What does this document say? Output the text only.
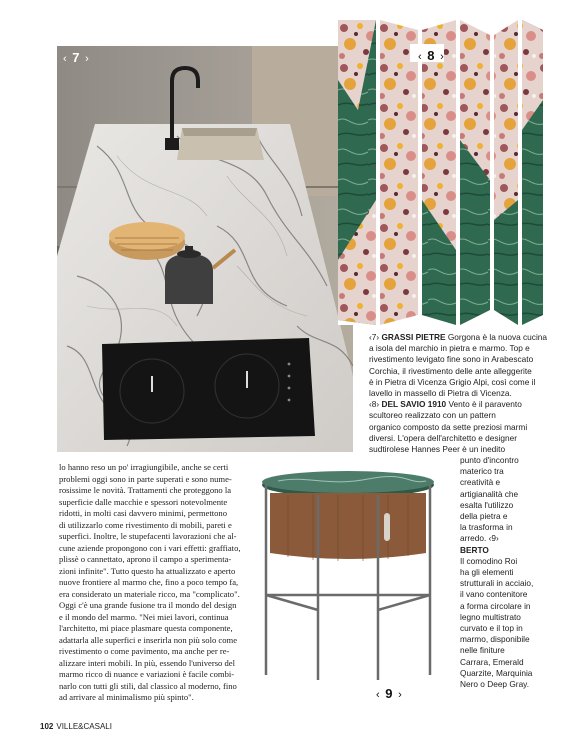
‹ 7 ›	‹ 8 ›
‹ 9 ›
‹7› GRASSI PIETRE Gorgona è la nuova cucina
a isola del marchio in pietra e marmo. Top e
rivestimento levigato fine sono in Arabescato
Corchia, il rivestimento delle ante alleggerite
è in Pietra di Vicenza Grigio Alpi, così come il
lavello in massello di Pietra di Vicenza.
‹8› DEL SAVIO 1910 Vento è il paravento
scultoreo realizzato con un pattern
organico composto da sette preziosi marmi
diversi. L'opera dell'architetto e designer
sudtirolese Hannes Peer è un inedito
punto d'incontro
materico tra
creatività e
artigianalità che
esalta l'utilizzo
della pietra e
la trasforma in
arredo. ‹9›
BERTO
Il comodino Roi
ha gli elementi
strutturali in acciaio,
il vano contenitore
a forma circolare in
legno multistrato
curvato e il top in
marmo, disponibile
nelle finiture
Carrara, Emerald
Quarzite, Marquinia
Nero o Deep Gray.
lo hanno reso un po' irragiungibile, anche se certi
problemi oggi sono in parte superati e sono nume-
rosissime le novità. Trattamenti che proteggono la
superficie dalle macchie e spessori notevolmente
ridotti, in molti casi davvero minimi, permettono
di utilizzarlo come rivestimento di mobili, pareti e
superfici. Inoltre, le stupefacenti lavorazioni che al-
cune aziende propongono con i vari effetti: graffiato,
plissè o cannettato, aprono il campo a sperimenta-
zioni infinite". Tutto questo ha attualizzato e aperto
nuove frontiere al marmo che, fino a poco tempo fa,
era considerato un materiale ricco, ma "complicato".
Oggi c'è una grande fusione tra il mondo del design
e il mondo del marmo. "Nei miei lavori, continua
l'architetto, mi piace plasmare questa componente,
adattarla alle superfici e inserirla non più solo come
rivestimento o come pavimento, ma anche per re-
alizzare interi mobili. In più, essendo l'universo del
marmo ricco di nuance e variazioni è facile combi-
narlo con tutti gli stili, dal classico al moderno, fino
ad arrivare al minimalismo più spinto".
102 VILLE&CASALI
